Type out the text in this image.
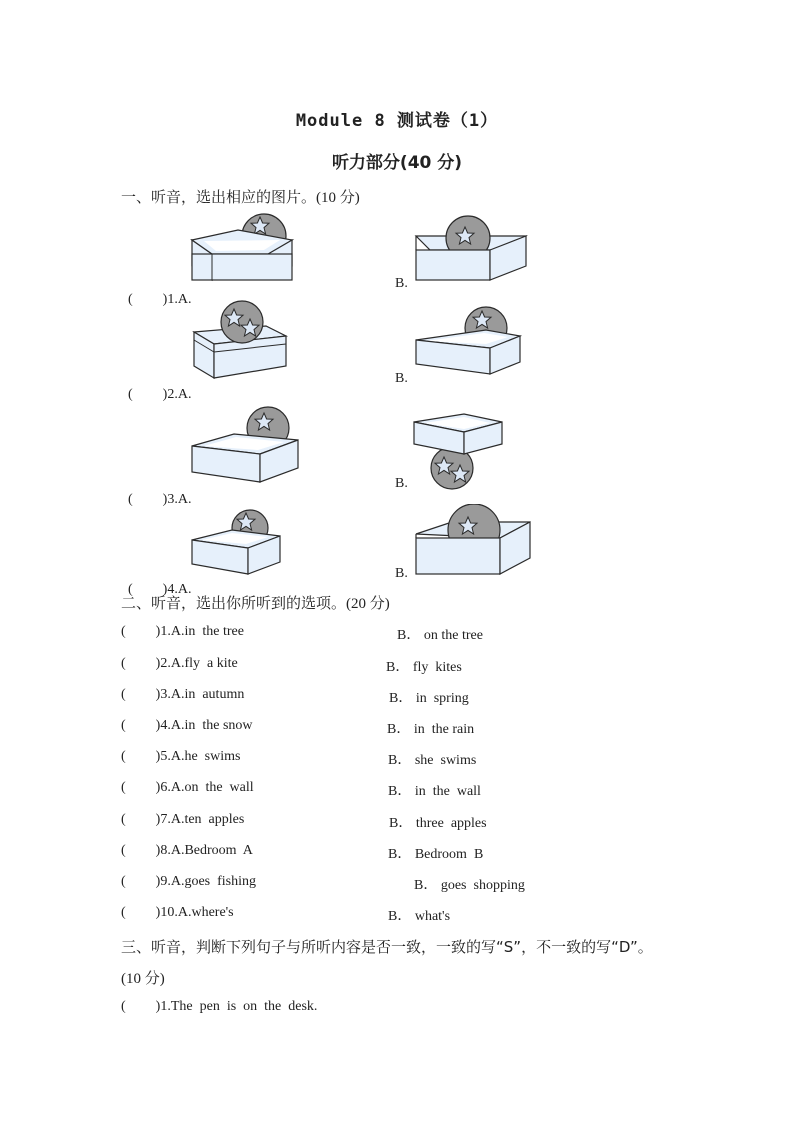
Module 8 测试卷（1）
听力部分(40 分)
一、听音，选出相应的图片。(10 分)

( )1.A.

B.

( )2.A.

B.

( )3.A.

B.

( )4.A.

B.
二、听音，选出你所听到的选项。(20 分)
( )1.A.in  the tree	B． on the tree
( )2.A.fly  a kite	B． fly  kites
( )3.A.in  autumn	B． in  spring
( )4.A.in  the snow	B． in  the rain
( )5.A.he  swims	B． she  swims
( )6.A.on  the  wall	B． in  the  wall
( )7.A.ten  apples	B． three  apples
( )8.A.Bedroom  A	B． Bedroom  B
( )9.A.goes  fishing	B． goes  shopping
( )10.A.where's	B． what's
三、听音，判断下列句子与所听内容是否一致，一致的写“S”，不一致的写“D”。
(10 分)
( )1.The  pen  is  on  the  desk.
